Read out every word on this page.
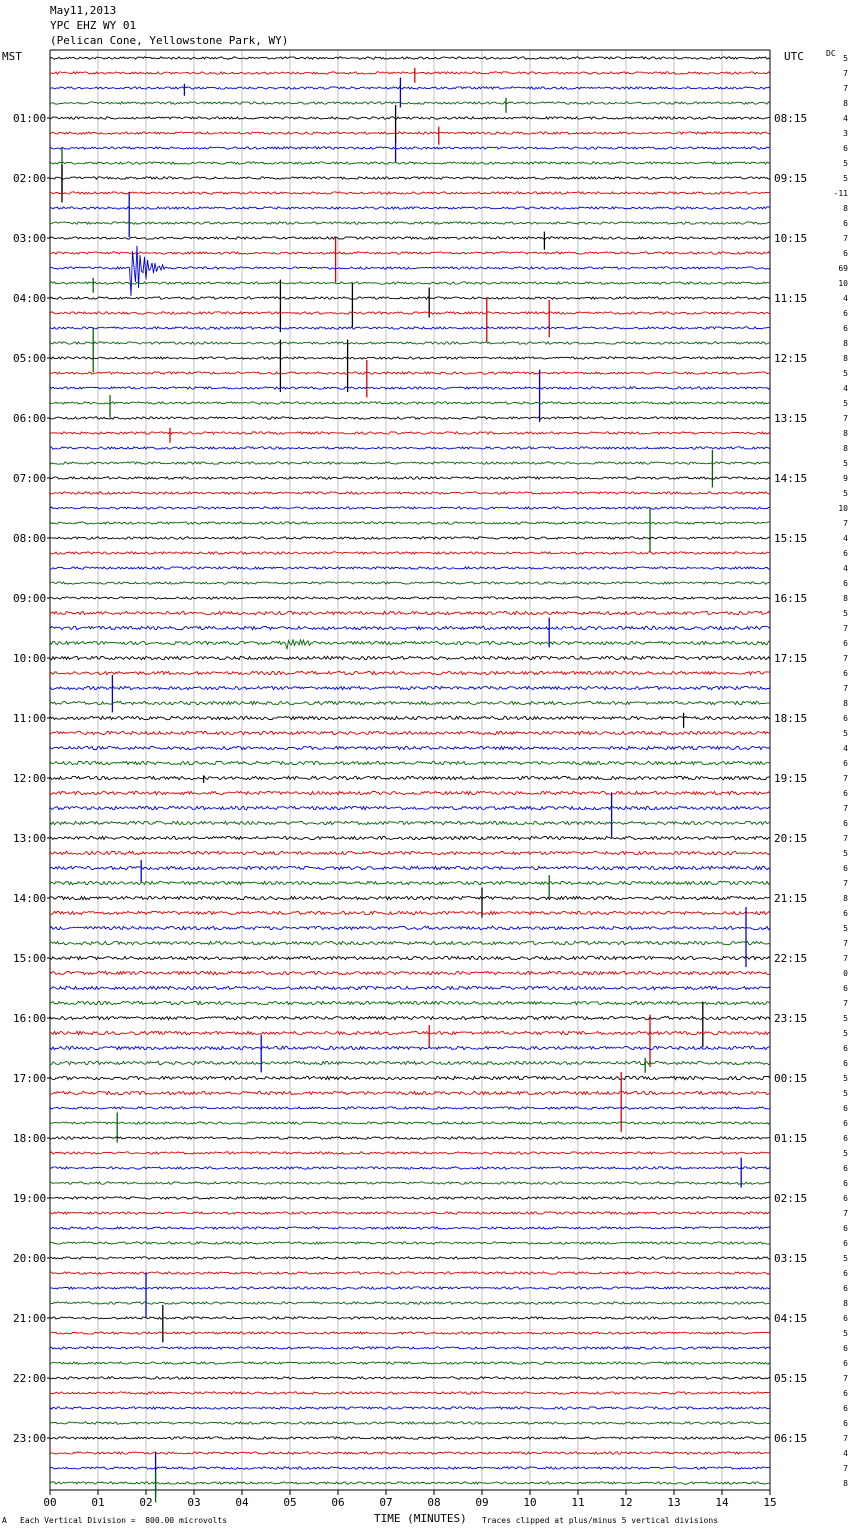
May11,2013
YPC EHZ WY 01
(Pelican Cone, Yellowstone Park, WY)
MST	UTC	DC
01:00
02:00
03:00
04:00
05:00
06:00
07:00
08:00
09:00
10:00
11:00
12:00
13:00
14:00
15:00
16:00
17:00
18:00
19:00
20:00
21:00
22:00
23:00
08:15
09:15
10:15
11:15
12:15
13:15
14:15
15:15
16:15
17:15
18:15
19:15
20:15
21:15
22:15
23:15
00:15
01:15
02:15
03:15
04:15
05:15
06:15
5
7
7
8
4
3
6
5
5
-11
8
6
7
6
69
10
4
6
6
8
8
5
4
5
7
8
8
5
9
5
10
7
4
6
4
6
8
5
7
6
7
6
7
8
6
5
4
6
7
6
7
6
7
5
6
7
8
6
5
7
7
0
6
7
5
5
6
6
5
5
6
6
6
5
6
6
6
7
6
6
5
6
6
8
6
5
6
6
7
6
6
6
7
4
7
8
00	01	02	03	04	05	06	07	08	09	10	11	12	13	14	15
TIME (MINUTES)
A Each Vertical Division =  800.00 microvolts	Traces clipped at plus/minus 5 vertical divisions
